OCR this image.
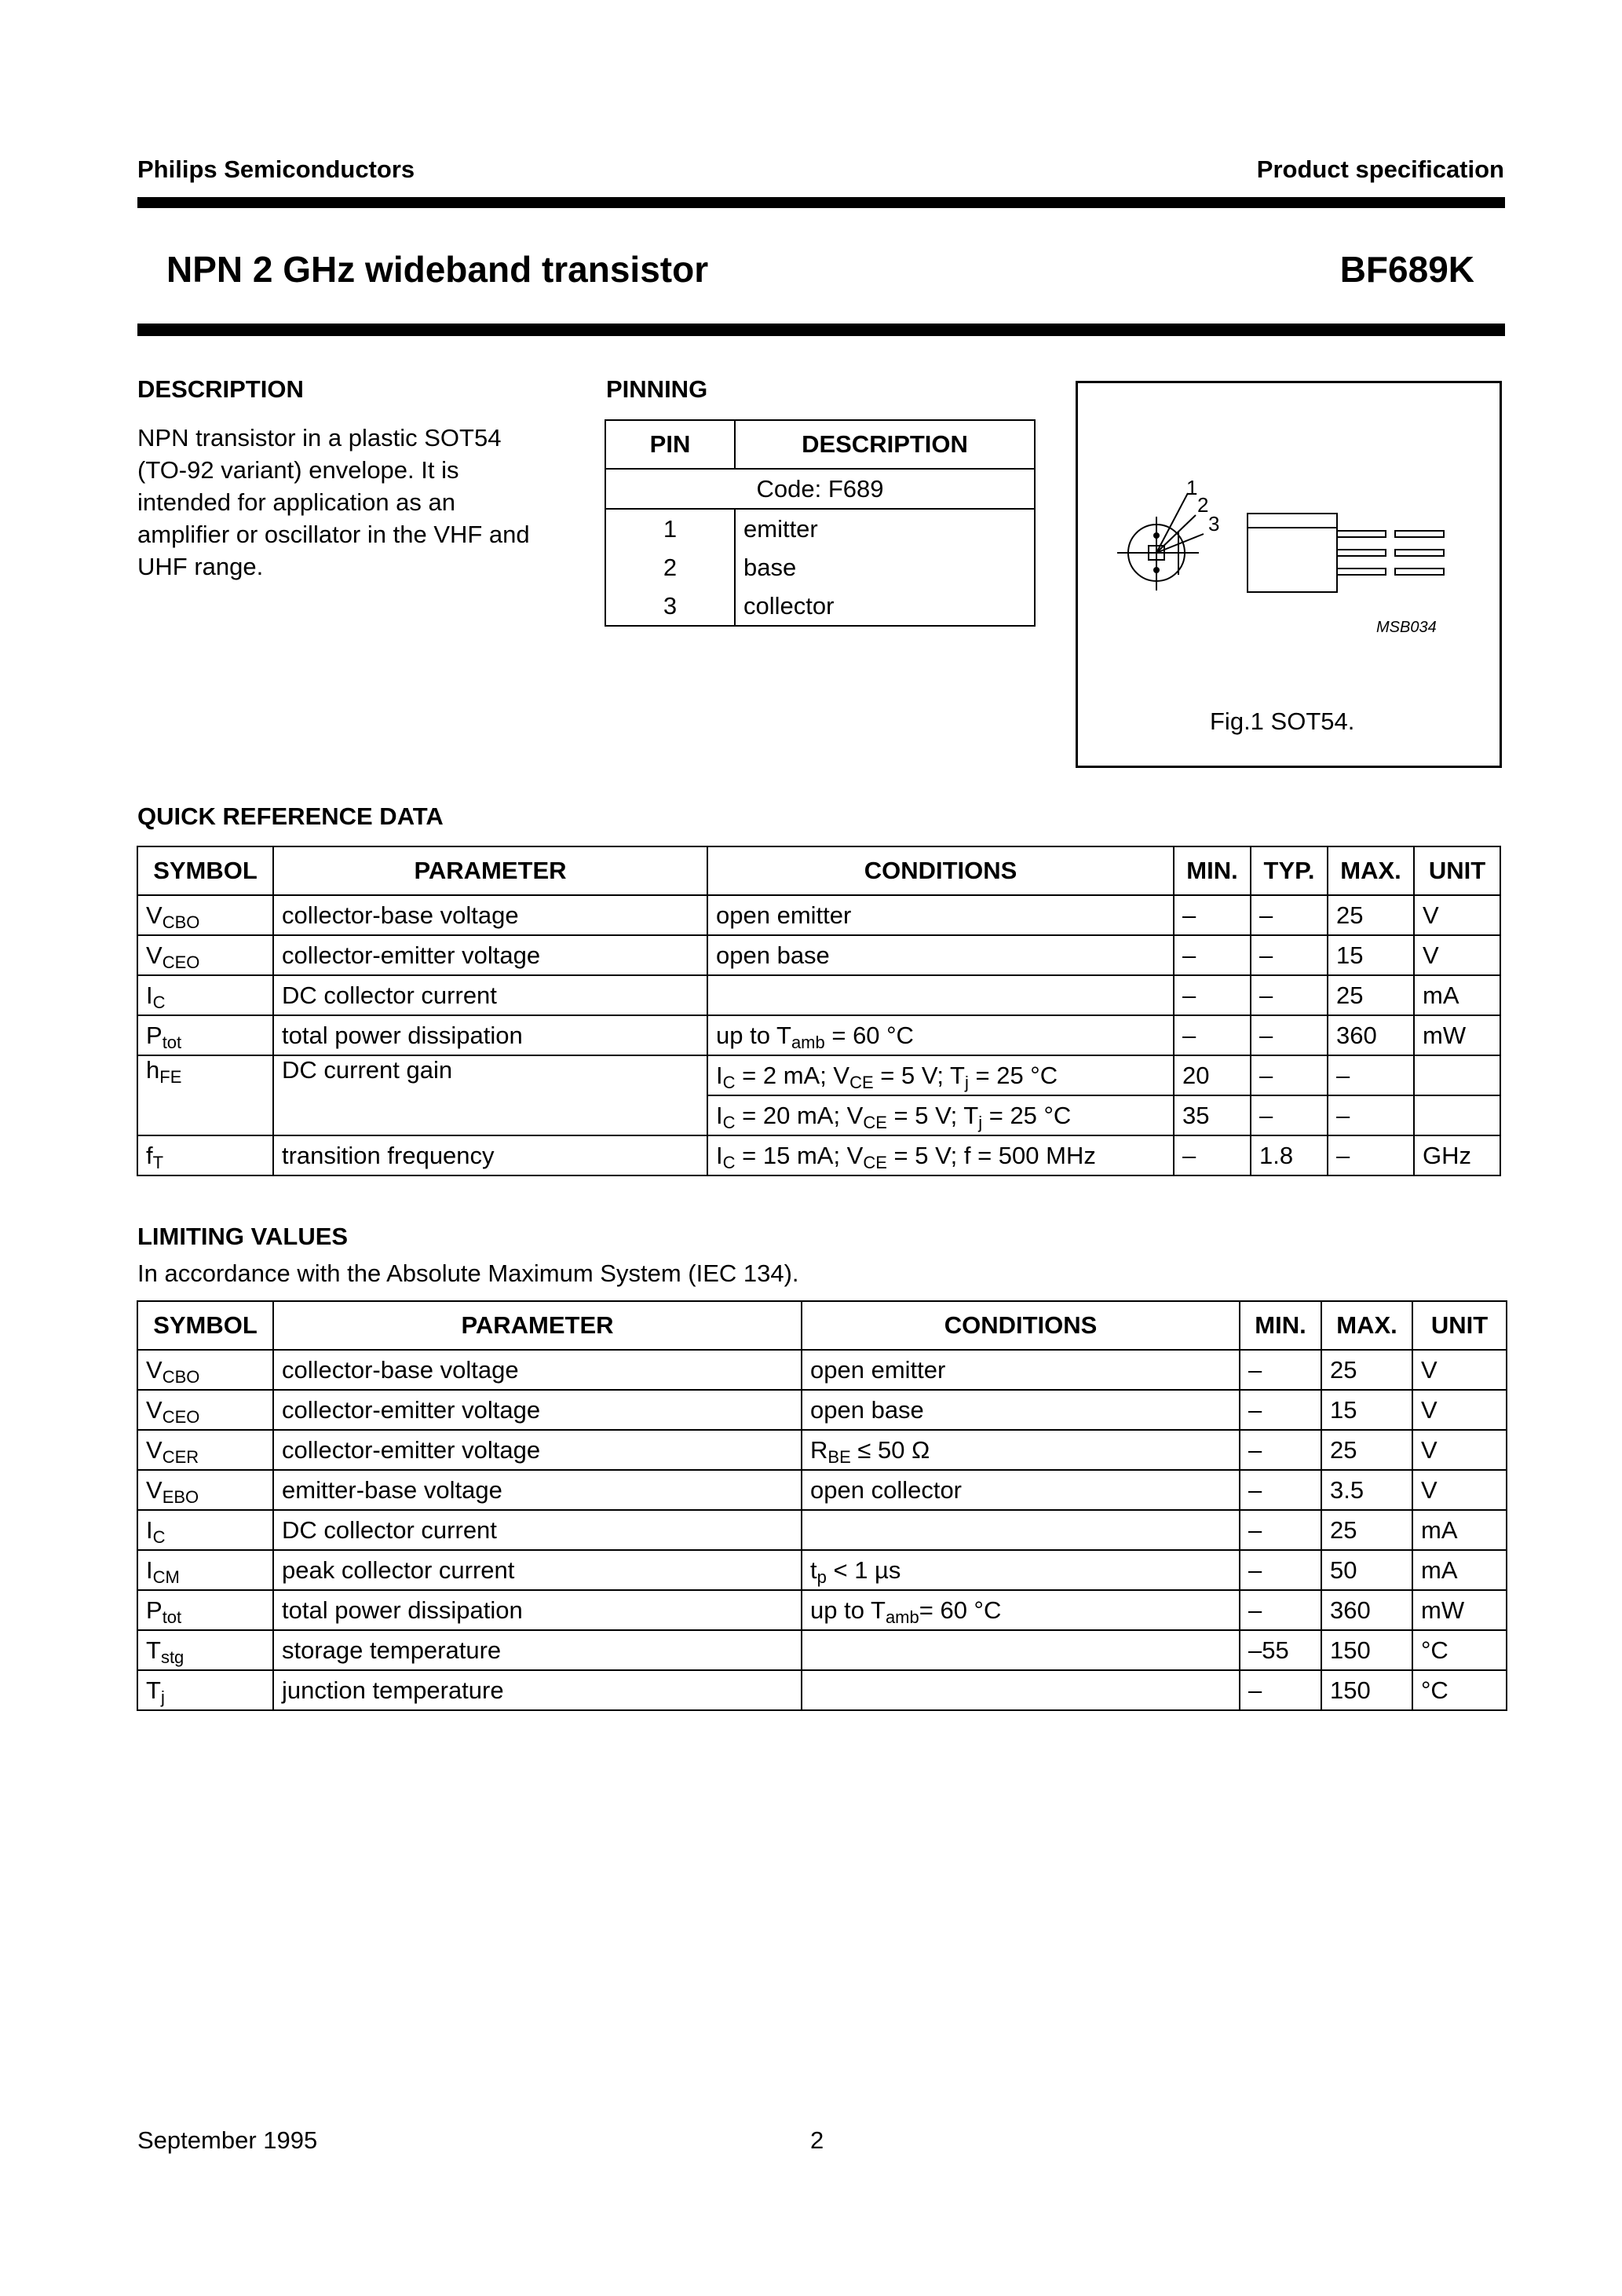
Philips Semiconductors	Product specification
NPN 2 GHz wideband transistor	BF689K
DESCRIPTION
NPN transistor in a plastic SOT54
(TO-92 variant) envelope. It is
intended for application as an
amplifier or oscillator in the VHF and
UHF range.
PINNING
PIN	DESCRIPTION
Code: F689	
1	emitter
2	base
3	collector
1
2
3
MSB034
Fig.1 SOT54.
QUICK REFERENCE DATA
SYMBOL	PARAMETER	CONDITIONS	MIN.	TYP.	MAX.	UNIT
$V_{CBO}$	collector-base voltage	open emitter	–	–	25	V
$V_{CEO}$	collector-emitter voltage	open base	–	–	15	V
$I_C$	DC collector current		–	–	25	mA
$P_{tot}$	total power dissipation	up to $T_{amb} = 60$ °C	–	–	360	mW
$h_{FE}$	DC current gain	$I_C = 2$ mA; $V_{CE} = 5$ V; $T_j = 25$ °C	20	–	–	
		$I_C = 20$ mA; $V_{CE} = 5$ V; $T_j = 25$ °C	35	–	–	
$f_T$	transition frequency	$I_C = 15$ mA; $V_{CE} = 5$ V; f = 500 MHz	–	1.8	–	GHz
LIMITING VALUES
In accordance with the Absolute Maximum System (IEC 134).
SYMBOL	PARAMETER	CONDITIONS	MIN.	MAX.	UNIT
$V_{CBO}$	collector-base voltage	open emitter	–	25	V
$V_{CEO}$	collector-emitter voltage	open base	–	15	V
$V_{CER}$	collector-emitter voltage	$R_{BE} \le 50$ Ω	–	25	V
$V_{EBO}$	emitter-base voltage	open collector	–	3.5	V
$I_C$	DC collector current		–	25	mA
$I_{CM}$	peak collector current	$t_p < 1$ µs	–	50	mA
$P_{tot}$	total power dissipation	up to $T_{amb}= 60$ °C	–	360	mW
$T_{stg}$	storage temperature		–55	150	°C
$T_j$	junction temperature		–	150	°C
September 1995	2
